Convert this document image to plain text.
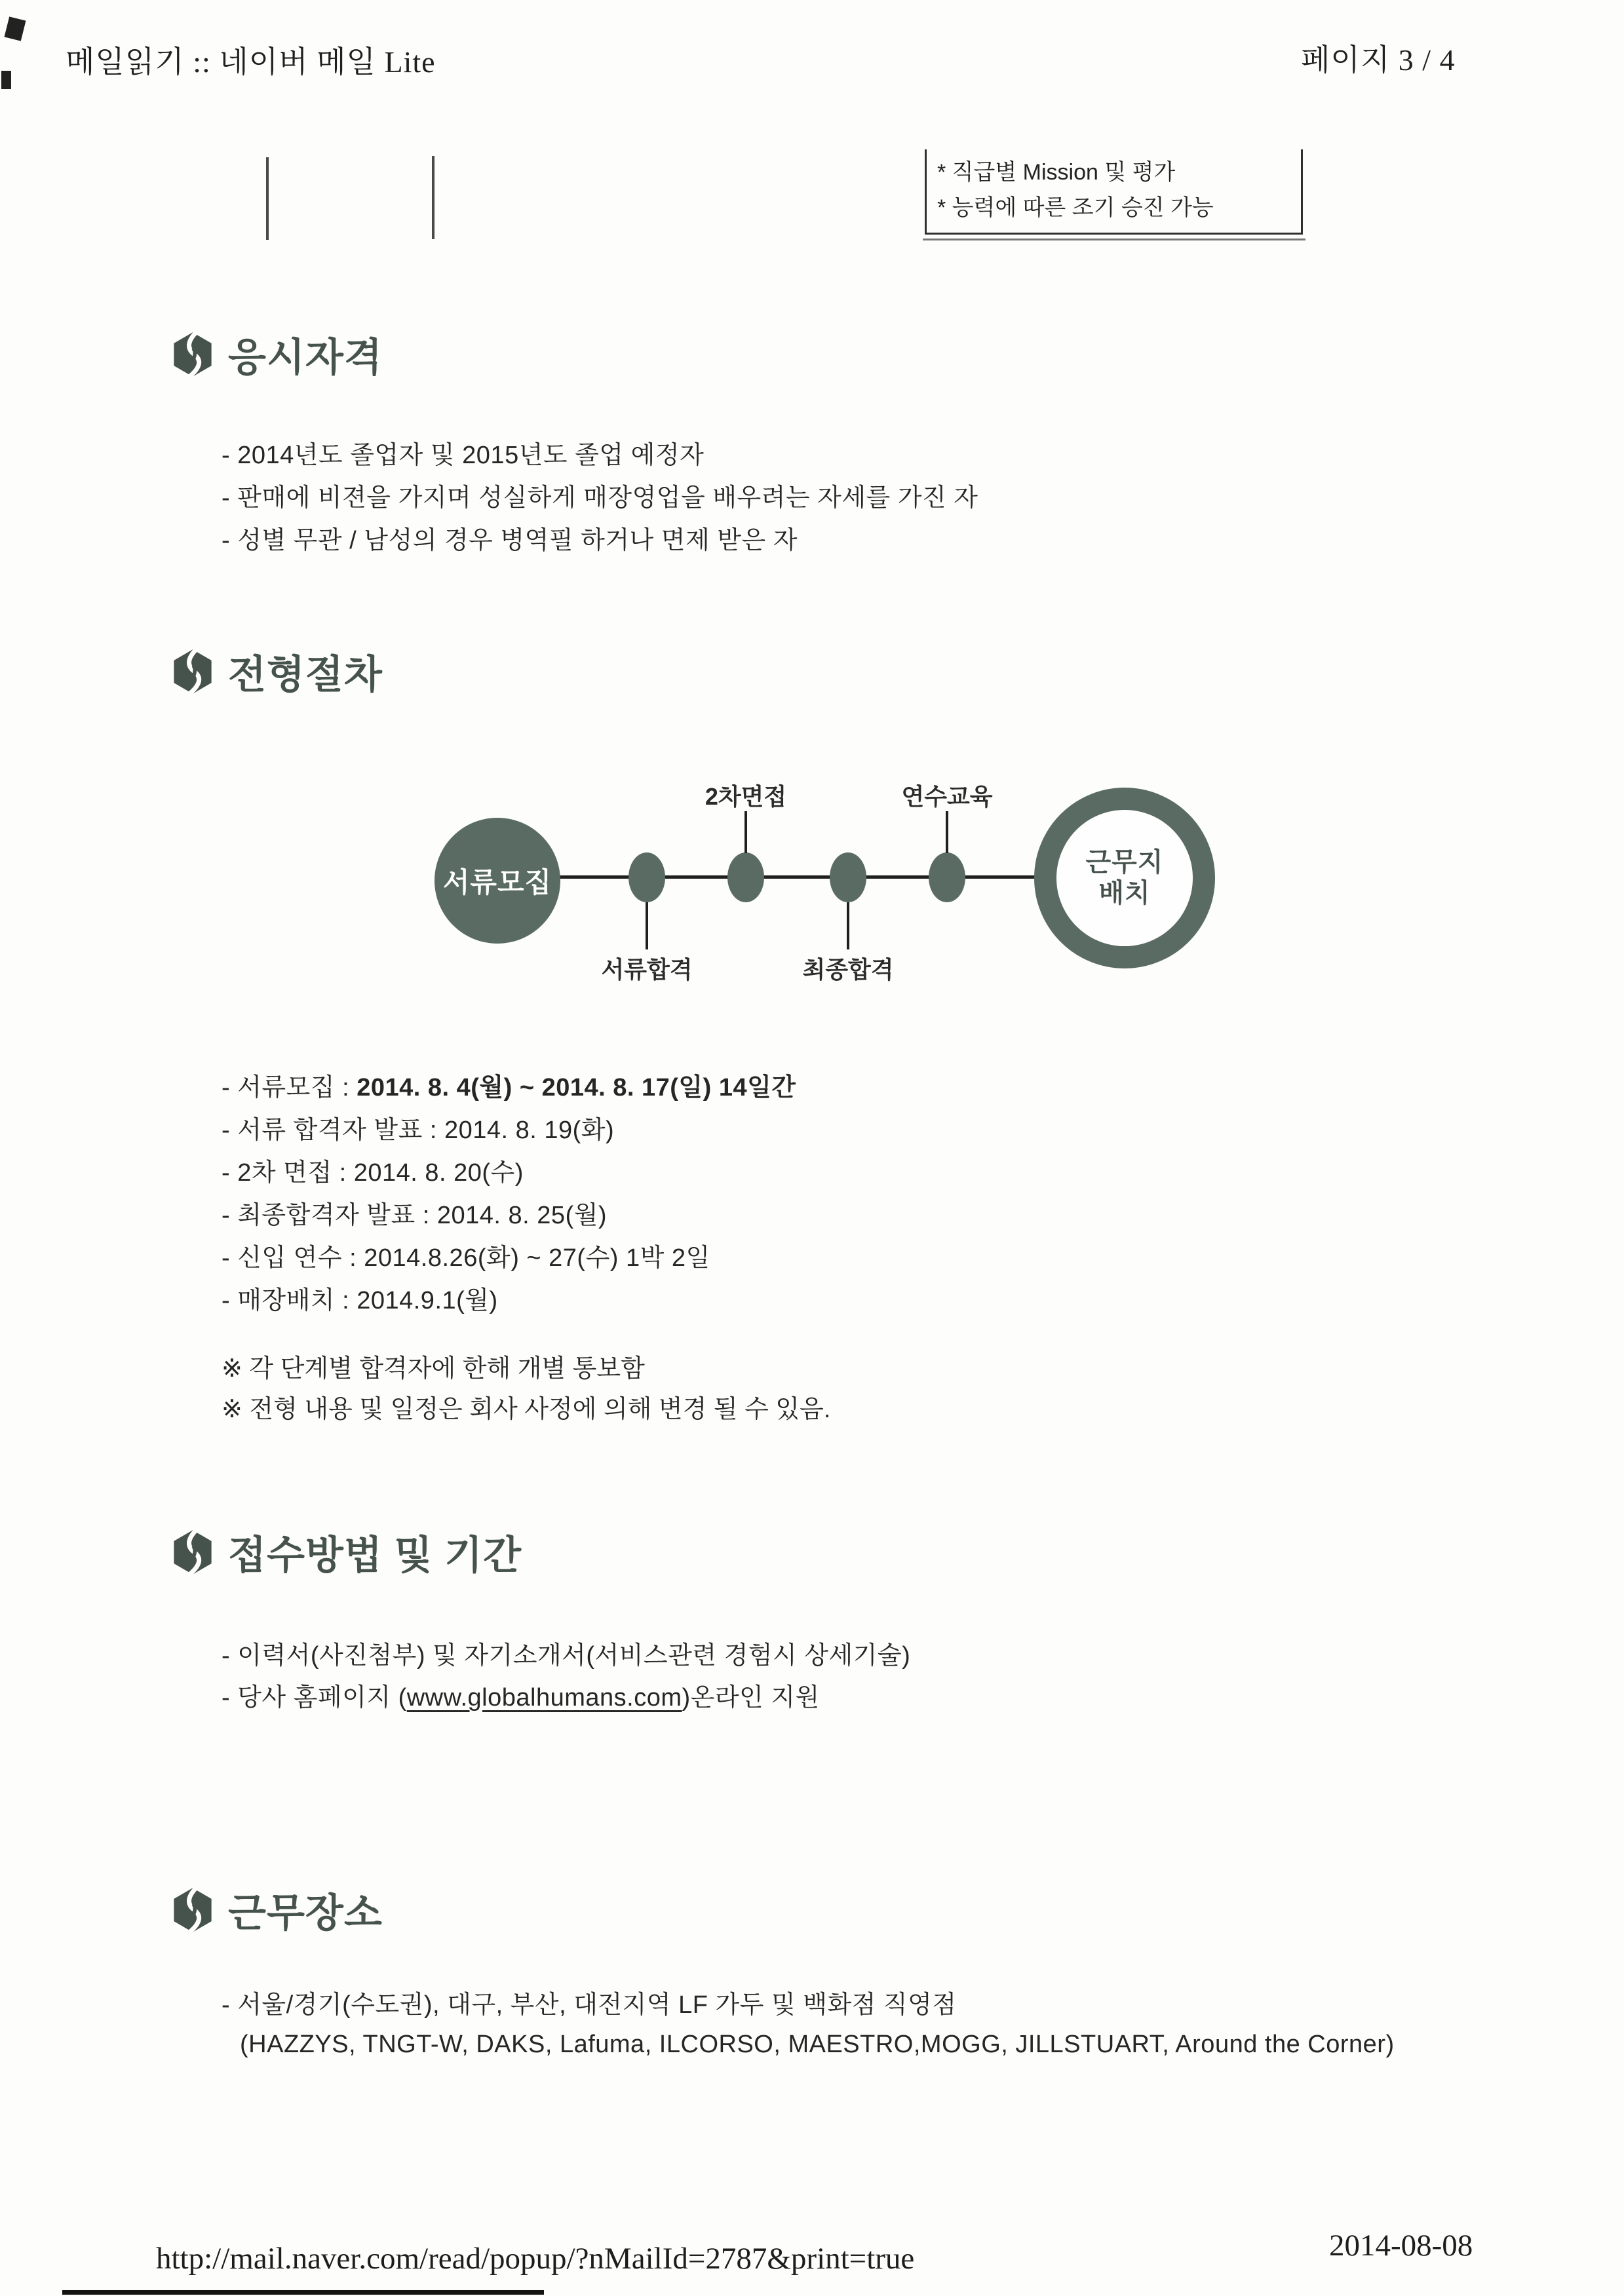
메일읽기 :: 네이버 메일 Lite	페이지 3 / 4
* 직급별 Mission 및 평가
* 능력에 따른 조기 승진 가능
응시자격
- 2014년도 졸업자 및 2015년도 졸업 예정자
- 판매에 비젼을 가지며 성실하게 매장영업을 배우려는 자세를 가진 자
- 성별 무관 / 남성의 경우 병역필 하거나 면제 받은 자
전형절차
서류모집
2차면접	연수교육
서류합격	최종합격
근무지
배치
- 서류모집 : 2014. 8. 4(월) ~ 2014. 8. 17(일) 14일간
- 서류 합격자 발표 : 2014. 8. 19(화)
- 2차 면접 : 2014. 8. 20(수)
- 최종합격자 발표 : 2014. 8. 25(월)
- 신입 연수 : 2014.8.26(화) ~ 27(수) 1박 2일
- 매장배치 : 2014.9.1(월)
※ 각 단계별 합격자에 한해 개별 통보함
※ 전형 내용 및 일정은 회사 사정에 의해 변경 될 수 있음.
접수방법 및 기간
- 이력서(사진첨부) 및 자기소개서(서비스관련 경험시 상세기술)
- 당사 홈페이지 (www.globalhumans.com)온라인 지원
근무장소
- 서울/경기(수도권), 대구, 부산, 대전지역 LF 가두 및 백화점 직영점
(HAZZYS, TNGT-W, DAKS, Lafuma, ILCORSO, MAESTRO,MOGG, JILLSTUART, Around the Corner)
http://mail.naver.com/read/popup/?nMailId=2787&print=true	2014-08-08
